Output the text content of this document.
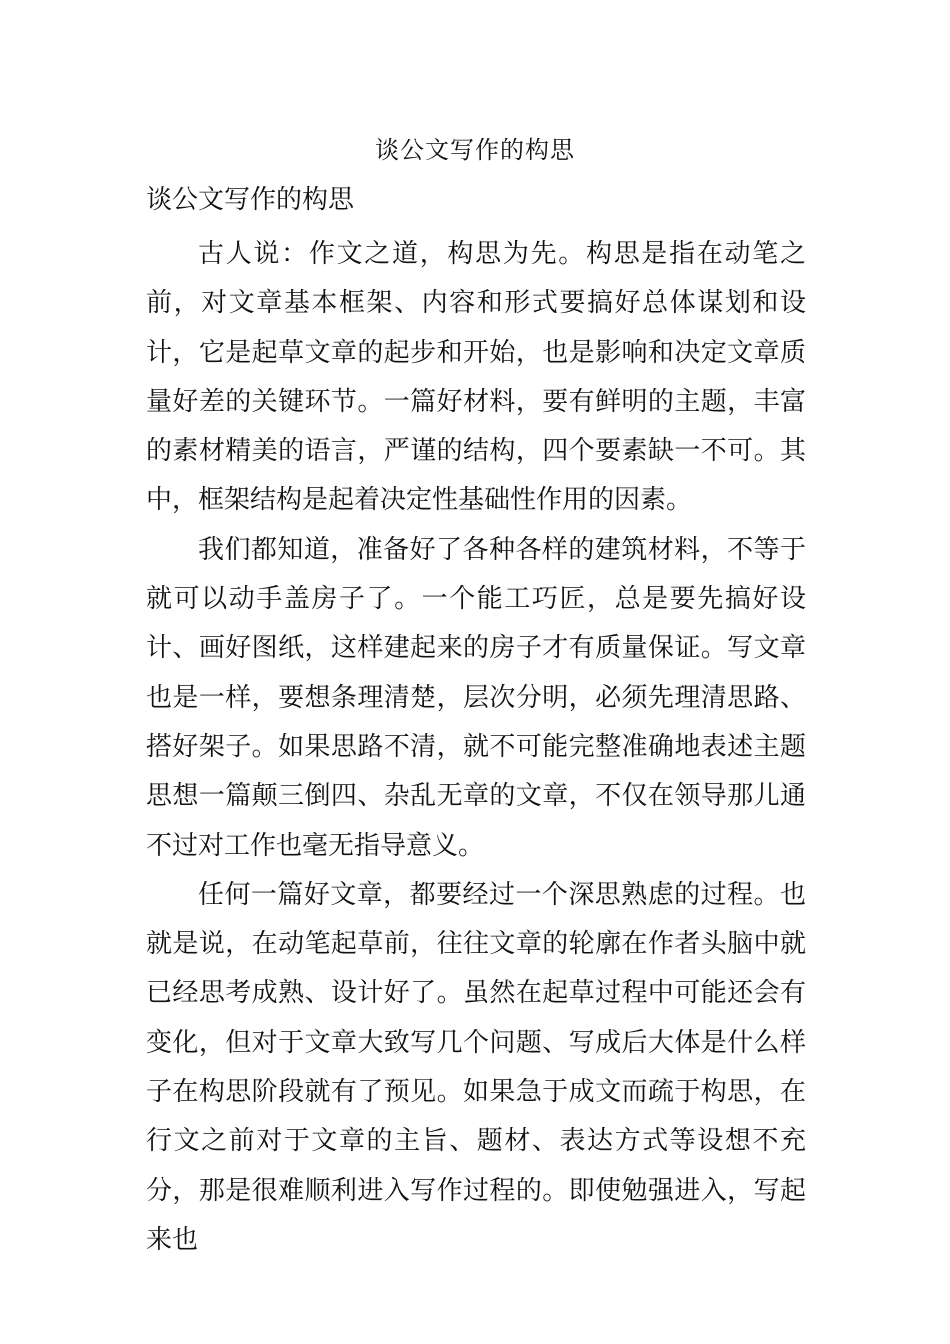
谈公文写作的构思
谈公文写作的构思

古人说：作文之道，构思为先。构思是指在动笔之前，对文章基本框架、内容和形式要搞好总体谋划和设计，它是起草文章的起步和开始，也是影响和决定文章质量好差的关键环节。一篇好材料，要有鲜明的主题，丰富的素材精美的语言，严谨的结构，四个要素缺一不可。其中，框架结构是起着决定性基础性作用的因素。

我们都知道，准备好了各种各样的建筑材料，不等于就可以动手盖房子了。一个能工巧匠，总是要先搞好设计、画好图纸，这样建起来的房子才有质量保证。写文章也是一样，要想条理清楚，层次分明，必须先理清思路、搭好架子。如果思路不清，就不可能完整准确地表述主题思想一篇颠三倒四、杂乱无章的文章，不仅在领导那儿通不过对工作也毫无指导意义。

任何一篇好文章，都要经过一个深思熟虑的过程。也就是说，在动笔起草前，往往文章的轮廓在作者头脑中就已经思考成熟、设计好了。虽然在起草过程中可能还会有变化，但对于文章大致写几个问题、写成后大体是什么样子在构思阶段就有了预见。如果急于成文而疏于构思，在行文之前对于文章的主旨、题材、表达方式等设想不充分，那是很难顺利进入写作过程的。即使勉强进入，写起来也
